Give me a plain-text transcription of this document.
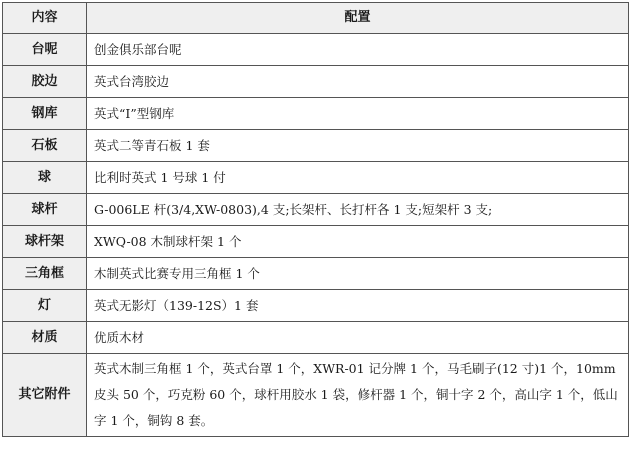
内容	配置
台呢	创金俱乐部台呢
胶边	英式台湾胶边
钢库	英式“I”型钢库
石板	英式二等青石板 1 套
球	比利时英式 1 号球 1 付
球杆	G-006LE 杆(3/4,XW-0803),4 支;长架杆、长打杆各 1 支;短架杆 3 支;
球杆架	XWQ-08 木制球杆架 1 个
三角框	木制英式比赛专用三角框 1 个
灯	英式无影灯（139-12S）1 套
材质	优质木材
其它附件	英式木制三角框 1 个，英式台罩 1 个，XWR-01 记分牌 1 个，马毛刷子(12 寸)1 个，10mm 皮头 50 个，巧克粉 60 个，球杆用胶水 1 袋，修杆器 1 个，铜十字 2 个，高山字 1 个，低山字 1 个，铜钩 8 套。
